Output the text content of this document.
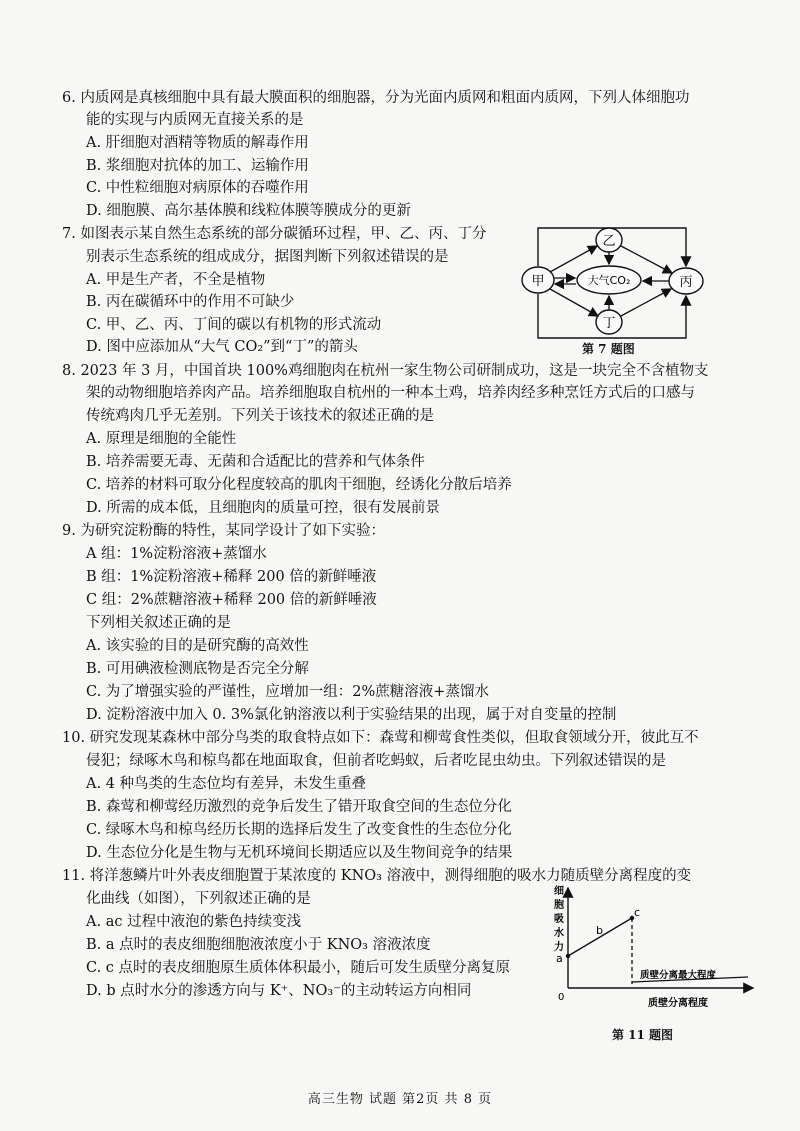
6. 内质网是真核细胞中具有最大膜面积的细胞器，分为光面内质网和粗面内质网，下列人体细胞功
能的实现与内质网无直接关系的是
A. 肝细胞对酒精等物质的解毒作用
B. 浆细胞对抗体的加工、运输作用
C. 中性粒细胞对病原体的吞噬作用
D. 细胞膜、高尔基体膜和线粒体膜等膜成分的更新
7. 如图表示某自然生态系统的部分碳循环过程，甲、乙、丙、丁分
别表示生态系统的组成成分，据图判断下列叙述错误的是
A. 甲是生产者，不全是植物
B. 丙在碳循环中的作用不可缺少
C. 甲、乙、丙、丁间的碳以有机物的形式流动
D. 图中应添加从“大气 CO₂”到“丁”的箭头
甲
乙
大气CO₂
丁
丙
第 7 题图
8. 2023 年 3 月，中国首块 100%鸡细胞肉在杭州一家生物公司研制成功，这是一块完全不含植物支
架的动物细胞培养肉产品。培养细胞取自杭州的一种本土鸡，培养肉经多种烹饪方式后的口感与
传统鸡肉几乎无差别。下列关于该技术的叙述正确的是
A. 原理是细胞的全能性
B. 培养需要无毒、无菌和合适配比的营养和气体条件
C. 培养的材料可取分化程度较高的肌肉干细胞，经诱化分散后培养
D. 所需的成本低，且细胞肉的质量可控，很有发展前景
9. 为研究淀粉酶的特性，某同学设计了如下实验：
A 组：1%淀粉溶液+蒸馏水
B 组：1%淀粉溶液+稀释 200 倍的新鲜唾液
C 组：2%蔗糖溶液+稀释 200 倍的新鲜唾液
下列相关叙述正确的是
A. 该实验的目的是研究酶的高效性
B. 可用碘液检测底物是否完全分解
C. 为了增强实验的严谨性，应增加一组：2%蔗糖溶液+蒸馏水
D. 淀粉溶液中加入 0. 3%氯化钠溶液以利于实验结果的出现，属于对自变量的控制
10. 研究发现某森林中部分鸟类的取食特点如下：森莺和柳莺食性类似，但取食领域分开，彼此互不
侵犯；绿啄木鸟和椋鸟都在地面取食，但前者吃蚂蚁，后者吃昆虫幼虫。下列叙述错误的是
A. 4 种鸟类的生态位均有差异，未发生重叠
B. 森莺和柳莺经历激烈的竞争后发生了错开取食空间的生态位分化
C. 绿啄木鸟和椋鸟经历长期的选择后发生了改变食性的生态位分化
D. 生态位分化是生物与无机环境间长期适应以及生物间竞争的结果
11. 将洋葱鳞片叶外表皮细胞置于某浓度的 KNO₃ 溶液中，测得细胞的吸水力随质壁分离程度的变
化曲线（如图），下列叙述正确的是
A. ac 过程中液泡的紫色持续变浅
B. a 点时的表皮细胞细胞液浓度小于 KNO₃ 溶液浓度
C. c 点时的表皮细胞原生质体体积最小，随后可发生质壁分离复原
D. b 点时水分的渗透方向与 K⁺、NO₃⁻的主动转运方向相同
细
胞
吸
水
力
a
b
c
0
质壁分离最大程度
质壁分离程度
第 11 题图
高三生物 试题 第2页 共 8 页
